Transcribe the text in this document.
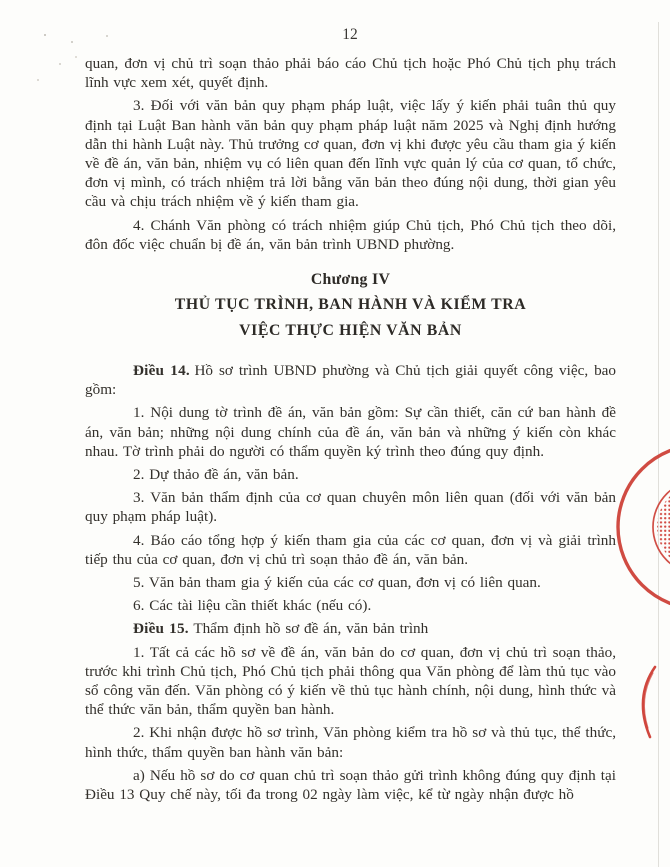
12

quan, đơn vị chủ trì soạn thảo phải báo cáo Chủ tịch hoặc Phó Chủ tịch phụ trách lĩnh vực xem xét, quyết định.

3. Đối với văn bản quy phạm pháp luật, việc lấy ý kiến phải tuân thủ quy định tại Luật Ban hành văn bản quy phạm pháp luật năm 2025 và Nghị định hướng dẫn thi hành Luật này. Thủ trưởng cơ quan, đơn vị khi được yêu cầu tham gia ý kiến về đề án, văn bản, nhiệm vụ có liên quan đến lĩnh vực quản lý của cơ quan, tổ chức, đơn vị mình, có trách nhiệm trả lời bằng văn bản theo đúng nội dung, thời gian yêu cầu và chịu trách nhiệm về ý kiến tham gia.

4. Chánh Văn phòng có trách nhiệm giúp Chủ tịch, Phó Chủ tịch theo dõi, đôn đốc việc chuẩn bị đề án, văn bản trình UBND phường.

Chương IV
THỦ TỤC TRÌNH, BAN HÀNH VÀ KIỂM TRA
VIỆC THỰC HIỆN VĂN BẢN

Điều 14. Hồ sơ trình UBND phường và Chủ tịch giải quyết công việc, bao gồm:

1. Nội dung tờ trình đề án, văn bản gồm: Sự cần thiết, căn cứ ban hành đề án, văn bản; những nội dung chính của đề án, văn bản và những ý kiến còn khác nhau. Tờ trình phải do người có thẩm quyền ký trình theo đúng quy định.

2. Dự thảo đề án, văn bản.

3. Văn bản thẩm định của cơ quan chuyên môn liên quan (đối với văn bản quy phạm pháp luật).

4. Báo cáo tổng hợp ý kiến tham gia của các cơ quan, đơn vị và giải trình tiếp thu của cơ quan, đơn vị chủ trì soạn thảo đề án, văn bản.

5. Văn bản tham gia ý kiến của các cơ quan, đơn vị có liên quan.

6. Các tài liệu cần thiết khác (nếu có).

Điều 15. Thẩm định hồ sơ đề án, văn bản trình

1. Tất cả các hồ sơ về đề án, văn bản do cơ quan, đơn vị chủ trì soạn thảo, trước khi trình Chủ tịch, Phó Chủ tịch phải thông qua Văn phòng để làm thủ tục vào sổ công văn đến. Văn phòng có ý kiến về thủ tục hành chính, nội dung, hình thức và thể thức văn bản, thẩm quyền ban hành.

2. Khi nhận được hồ sơ trình, Văn phòng kiểm tra hồ sơ và thủ tục, thể thức, hình thức, thẩm quyền ban hành văn bản:

a) Nếu hồ sơ do cơ quan chủ trì soạn thảo gửi trình không đúng quy định tại Điều 13 Quy chế này, tối đa trong 02 ngày làm việc, kể từ ngày nhận được hồ
